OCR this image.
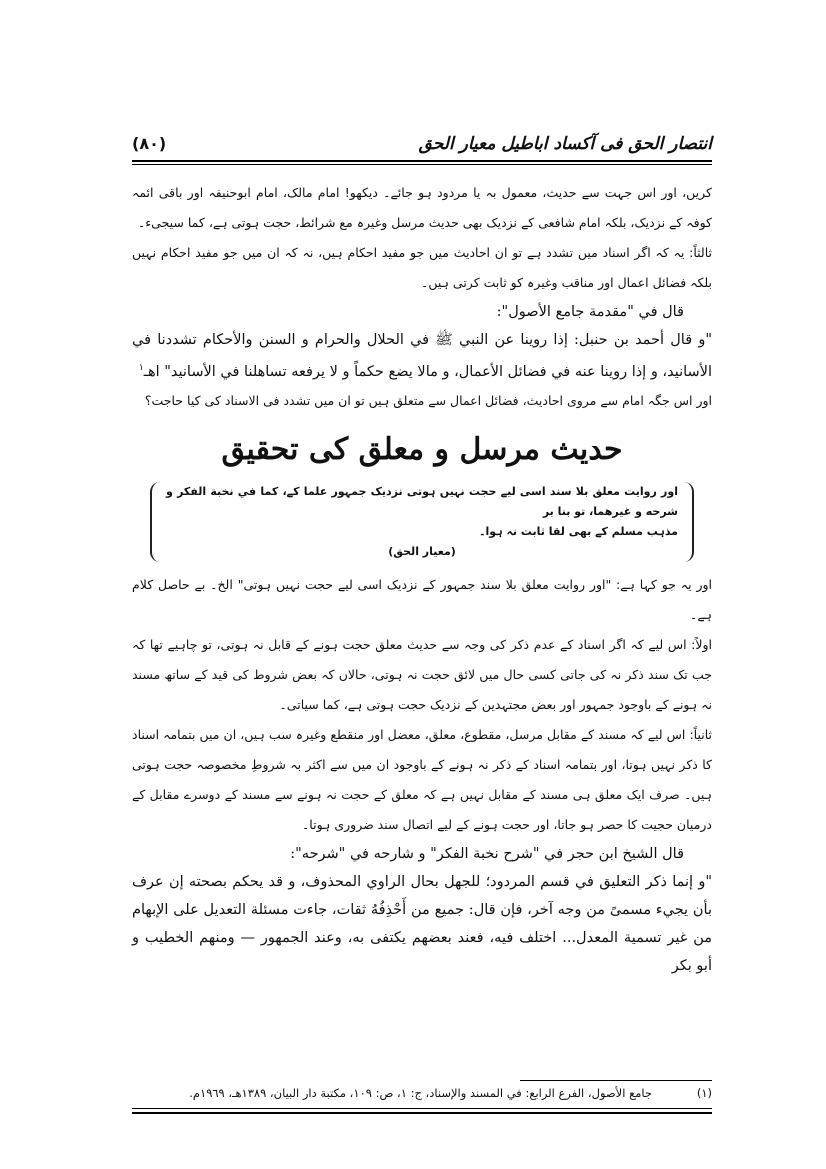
انتصار الحق فی آکساد اباطیل معیار الحق
(۸۰)

کریں، اور اس جہت سے حدیث، معمول بہ یا مردود ہو جائے۔ دیکھو! امام مالک، امام ابوحنیفہ اور باقی ائمہ کوفہ کے نزدیک، بلکہ امام شافعی کے نزدیک بھی حدیث مرسل وغیرہ مع شرائط، حجت ہوتی ہے، کما سیجیء۔

ثالثاً: یہ کہ اگر اسناد میں تشدد ہے تو ان احادیث میں جو مفید احکام ہیں، نہ کہ ان میں جو مفید احکام نہیں بلکہ فضائل اعمال اور مناقب وغیرہ کو ثابت کرتی ہیں۔

قال في "مقدمة جامع الأصول":

"و قال أحمد بن حنبل: إذا روينا عن النبي ﷺ في الحلال والحرام و السنن والأحكام تشددنا في الأسانيد، و إذا روينا عنه في فضائل الأعمال، و مالا يضع حكماً و لا يرفعه تساهلنا في الأسانيد" اهـ$^١$

اور اس جگہ امام سے مروی احادیث، فضائل اعمال سے متعلق ہیں تو ان میں تشدد فی الاسناد کی کیا حاجت؟

حدیث مرسل و معلق کی تحقیق
اور روایت معلق بلا سند اسی لیے حجت نہیں ہوتی نزدیک جمہور علما کے، کما في نخبة الفكر و شرحه و غيرهما، تو بنا بر
مذہب مسلم کے بھی لقا ثابت نہ ہوا۔
(معیار الحق)

اور یہ جو کہا ہے: "اور روایت معلق بلا سند جمہور کے نزدیک اسی لیے حجت نہیں ہوتی" الخ۔ بے حاصل کلام ہے۔

اولاً: اس لیے کہ اگر اسناد کے عدم ذکر کی وجہ سے حدیث معلق حجت ہونے کے قابل نہ ہوتی، تو چاہیے تھا کہ جب تک سند ذکر نہ کی جاتی کسی حال میں لائق حجت نہ ہوتی، حالاں کہ بعض شروط کی قید کے ساتھ مسند نہ ہونے کے باوجود جمہور اور بعض مجتہدین کے نزدیک حجت ہوتی ہے، کما سیاتی۔

ثانیاً: اس لیے کہ مسند کے مقابل مرسل، مقطوع، معلق، معضل اور منقطع وغیرہ سب ہیں، ان میں بتمامہ اسناد کا ذکر نہیں ہوتا، اور بتمامہ اسناد کے ذکر نہ ہونے کے باوجود ان میں سے اکثر بہ شروطِ مخصوصہ حجت ہوتی ہیں۔ صرف ایک معلق ہی مسند کے مقابل نہیں ہے کہ معلق کے حجت نہ ہونے سے مسند کے دوسرے مقابل کے درمیان حجیت کا حصر ہو جاتا، اور حجت ہونے کے لیے اتصال سند ضروری ہوتا۔

قال الشيخ ابن حجر في "شرح نخبة الفكر" و شارحه في "شرحه":

"و إنما ذكر التعليق في قسم المردود؛ للجهل بحال الراوي المحذوف، و قد يحكم بصحته إن عرف بأن يجيء مسمىً من وجه آخر، فإن قال: جميع من أَحْذِفُهُ ثقات، جاءت مسئلة التعديل على الإبهام من غير تسمية المعدل... اختلف فيه، فعند بعضهم يكتفى به، وعند الجمهور — ومنهم الخطيب و أبو بكر

(١)
جامع الأصول، الفرع الرابع: في المسند والإسناد، ج: ١، ص: ١٠٩، مكتبة دار البيان، ١٣٨٩هـ، ١٩٦٩م.
